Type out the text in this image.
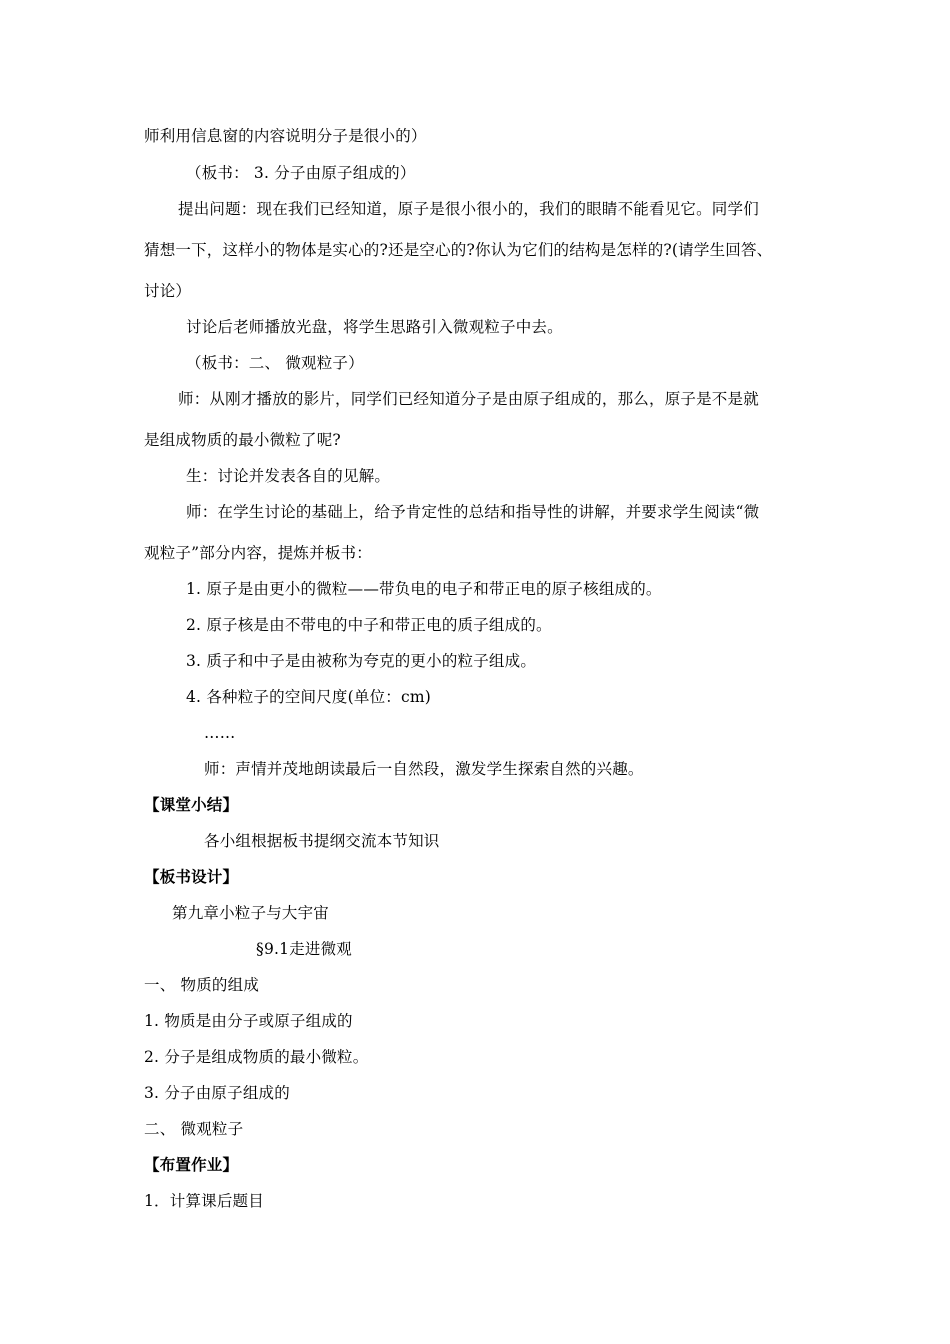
师利用信息窗的内容说明分子是很小的）
（板书： 3. 分子由原子组成的）
提出问题：现在我们已经知道，原子是很小很小的，我们的眼睛不能看见它。同学们
猜想一下，这样小的物体是实心的?还是空心的?你认为它们的结构是怎样的?(请学生回答、
讨论）
讨论后老师播放光盘，将学生思路引入微观粒子中去。
（板书：二、 微观粒子）
师：从刚才播放的影片，同学们已经知道分子是由原子组成的，那么，原子是不是就
是组成物质的最小微粒了呢?
生：讨论并发表各自的见解。
师：在学生讨论的基础上，给予肯定性的总结和指导性的讲解，并要求学生阅读“微
观粒子”部分内容，提炼并板书：
1. 原子是由更小的微粒——带负电的电子和带正电的原子核组成的。
2. 原子核是由不带电的中子和带正电的质子组成的。
3. 质子和中子是由被称为夸克的更小的粒子组成。
4. 各种粒子的空间尺度(单位：cm)
……
师：声情并茂地朗读最后一自然段，激发学生探索自然的兴趣。
【课堂小结】
各小组根据板书提纲交流本节知识
【板书设计】
第九章小粒子与大宇宙
§9.1走进微观
一、 物质的组成
1. 物质是由分子或原子组成的
2. 分子是组成物质的最小微粒。
3. 分子由原子组成的
二、 微观粒子
【布置作业】
1．计算课后题目
